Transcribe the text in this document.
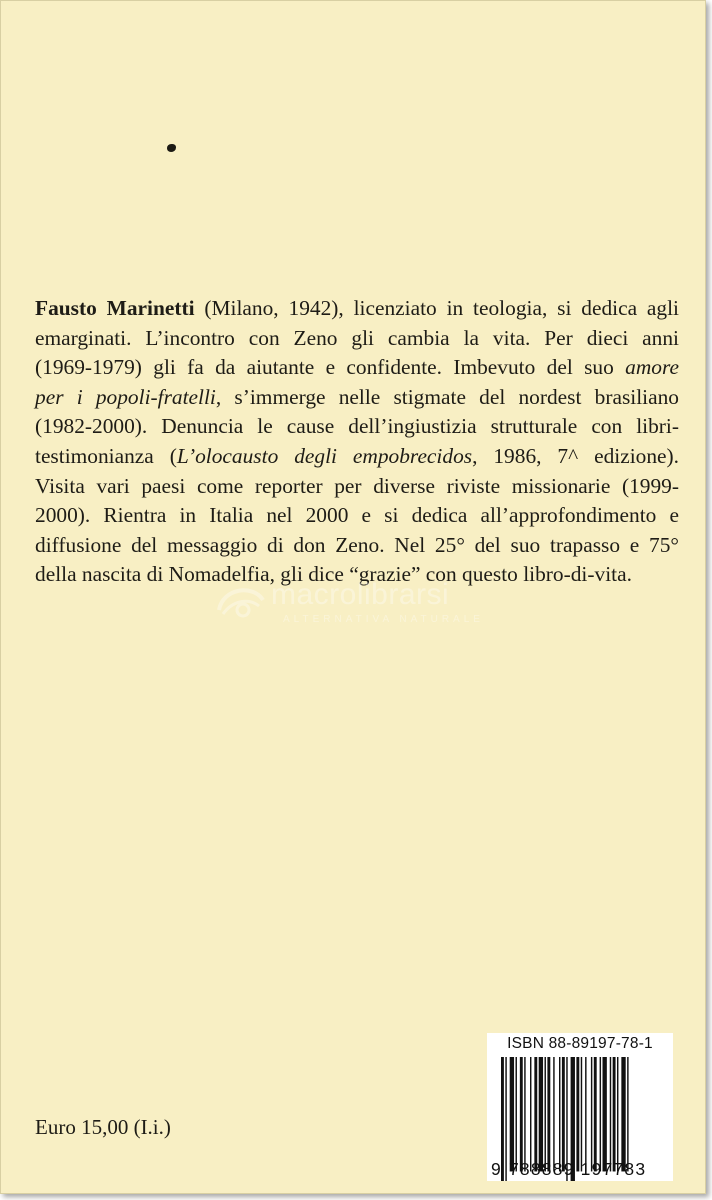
Fausto Marinetti (Milano, 1942), licenziato in teologia, si dedica agli
emarginati. L’incontro con Zeno gli cambia la vita. Per dieci anni
(1969-1979) gli fa da aiutante e confidente. Imbevuto del suo amore
per i popoli-fratelli, s’immerge nelle stigmate del nordest brasiliano
(1982-2000). Denuncia le cause dell’ingiustizia strutturale con libri-
testimonianza (L’olocausto degli empobrecidos, 1986, 7^ edizione).
Visita vari paesi come reporter per diverse riviste missionarie (1999-
2000). Rientra in Italia nel 2000 e si dedica all’approfondimento e
diffusione del messaggio di don Zeno. Nel 25° del suo trapasso e 75°
della nascita di Nomadelfia, gli dice “grazie” con questo libro-di-vita.
macrolibrarsi
ALTERNATIVA NATURALE
Euro 15,00 (I.i.)
ISBN 88-89197-78-1
9 788889 197783
